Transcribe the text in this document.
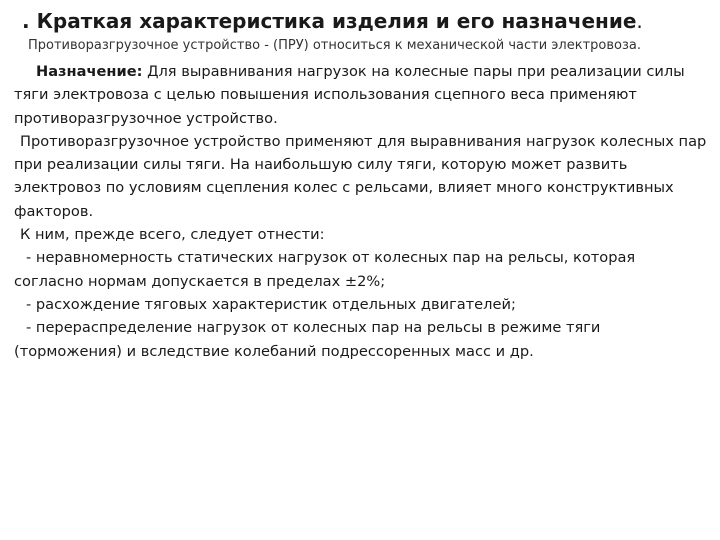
. Краткая характеристика изделия и его назначение.
Противоразгрузочное устройство - (ПРУ) относиться к механической части электровоза.

Назначение: Для выравнивания нагрузок на колесные пары при реализации силы тяги электровоза с целью повышения использования сцепного веса применяют противоразгрузочное устройство.

Противоразгрузочное устройство применяют для выравнивания нагрузок колесных пар при реализации силы тяги. На наибольшую силу тяги, которую может развить электровоз по условиям сцепления колес с рельсами, влияет много конструктивных факторов.

К ним, прежде всего, следует отнести:

- неравномерность статических нагрузок от колесных пар на рельсы, которая согласно нормам допускается в пределах ±2%;

- расхождение тяговых характеристик отдельных двигателей;

- перераспределение нагрузок от колесных пар на рельсы в режиме тяги (торможения) и вследствие колебаний подрессоренных масс и др.
